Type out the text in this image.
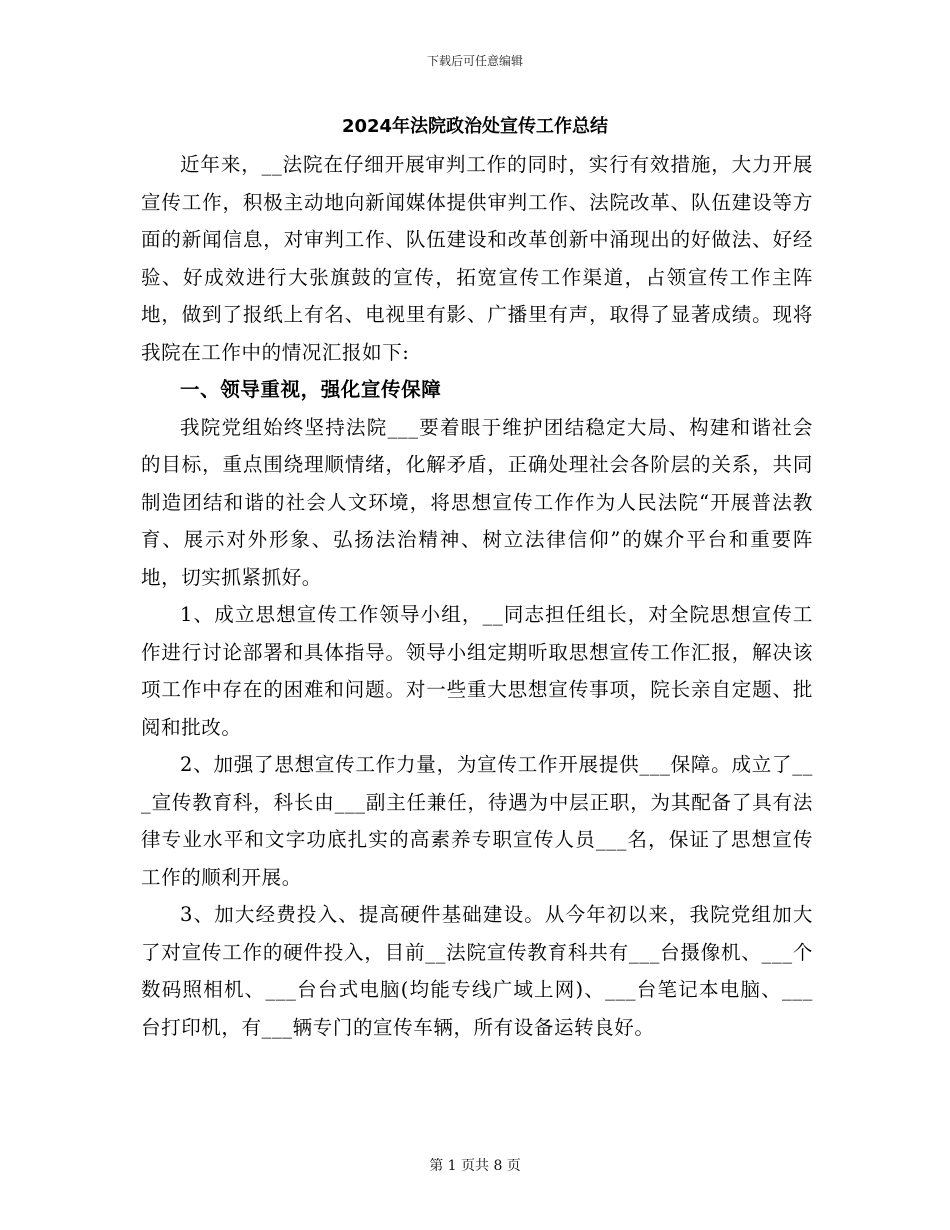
下载后可任意编辑
2024年法院政治处宣传工作总结

近年来，__法院在仔细开展审判工作的同时，实行有效措施，大力开展宣传工作，积极主动地向新闻媒体提供审判工作、法院改革、队伍建设等方面的新闻信息，对审判工作、队伍建设和改革创新中涌现出的好做法、好经验、好成效进行大张旗鼓的宣传，拓宽宣传工作渠道，占领宣传工作主阵地，做到了报纸上有名、电视里有影、广播里有声，取得了显著成绩。现将我院在工作中的情况汇报如下:

一、领导重视，强化宣传保障

我院党组始终坚持法院___要着眼于维护团结稳定大局、构建和谐社会的目标，重点围绕理顺情绪，化解矛盾，正确处理社会各阶层的关系，共同制造团结和谐的社会人文环境，将思想宣传工作作为人民法院“开展普法教育、展示对外形象、弘扬法治精神、树立法律信仰”的媒介平台和重要阵地，切实抓紧抓好。

1、成立思想宣传工作领导小组，__同志担任组长，对全院思想宣传工作进行讨论部署和具体指导。领导小组定期听取思想宣传工作汇报，解决该项工作中存在的困难和问题。对一些重大思想宣传事项，院长亲自定题、批阅和批改。

2、加强了思想宣传工作力量，为宣传工作开展提供___保障。成立了___宣传教育科，科长由___副主任兼任，待遇为中层正职，为其配备了具有法律专业水平和文字功底扎实的高素养专职宣传人员___名，保证了思想宣传工作的顺利开展。

3、加大经费投入、提高硬件基础建设。从今年初以来，我院党组加大了对宣传工作的硬件投入，目前__法院宣传教育科共有___台摄像机、___个数码照相机、___台台式电脑(均能专线广域上网)、___台笔记本电脑、___台打印机，有___辆专门的宣传车辆，所有设备运转良好。

第 1 页共 8 页
